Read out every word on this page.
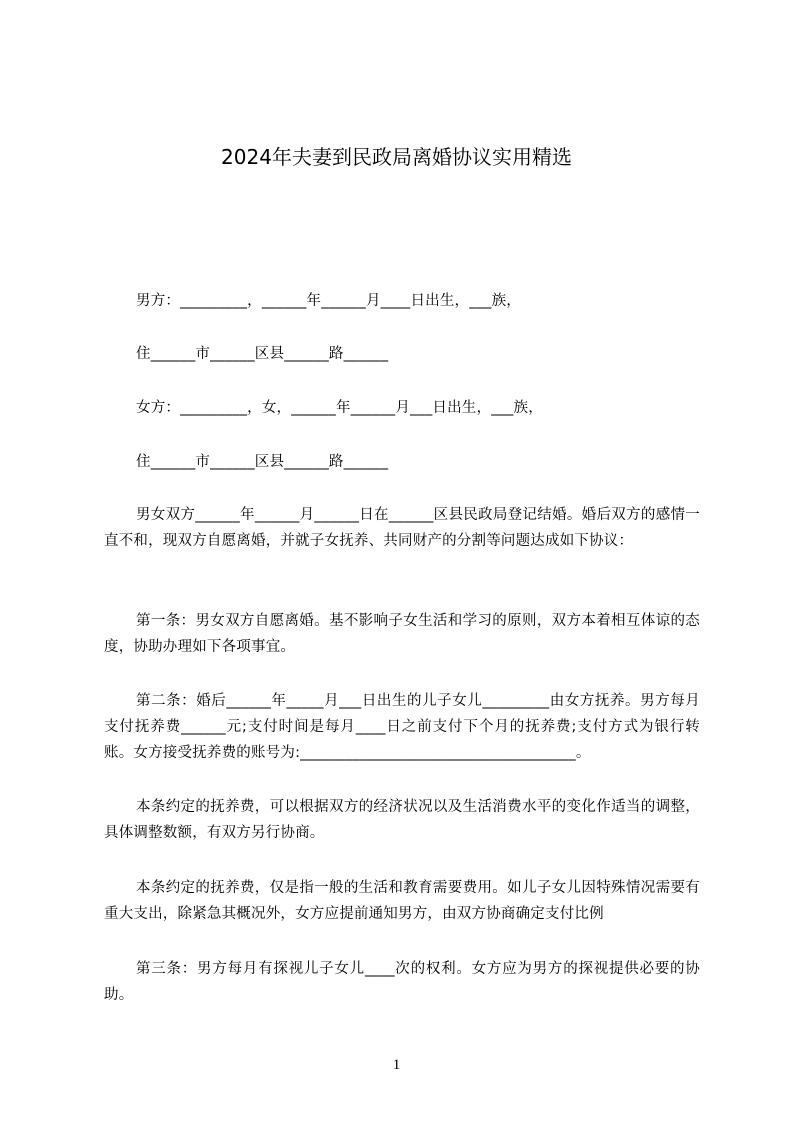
2024年夫妻到民政局离婚协议实用精选
男方：_________，______年______月____日出生，___族，
住______市______区县______路______
女方：_________，女，______年______月___日出生，___族，
住______市______区县______路______
男女双方______年______月______日在______区县民政局登记结婚。婚后双方的感情一直不和，现双方自愿离婚，并就子女抚养、共同财产的分割等问题达成如下协议：
第一条：男女双方自愿离婚。基不影响子女生活和学习的原则，双方本着相互体谅的态度，协助办理如下各项事宜。
第二条：婚后______年_____月___日出生的儿子女儿_________由女方抚养。男方每月支付抚养费______元;支付时间是每月____日之前支付下个月的抚养费;支付方式为银行转账。女方接受抚养费的账号为:_____________________________________。
本条约定的抚养费，可以根据双方的经济状况以及生活消费水平的变化作适当的调整，具体调整数额，有双方另行协商。
本条约定的抚养费，仅是指一般的生活和教育需要费用。如儿子女儿因特殊情况需要有重大支出，除紧急其概况外，女方应提前通知男方，由双方协商确定支付比例
第三条：男方每月有探视儿子女儿____次的权利。女方应为男方的探视提供必要的协助。
1
